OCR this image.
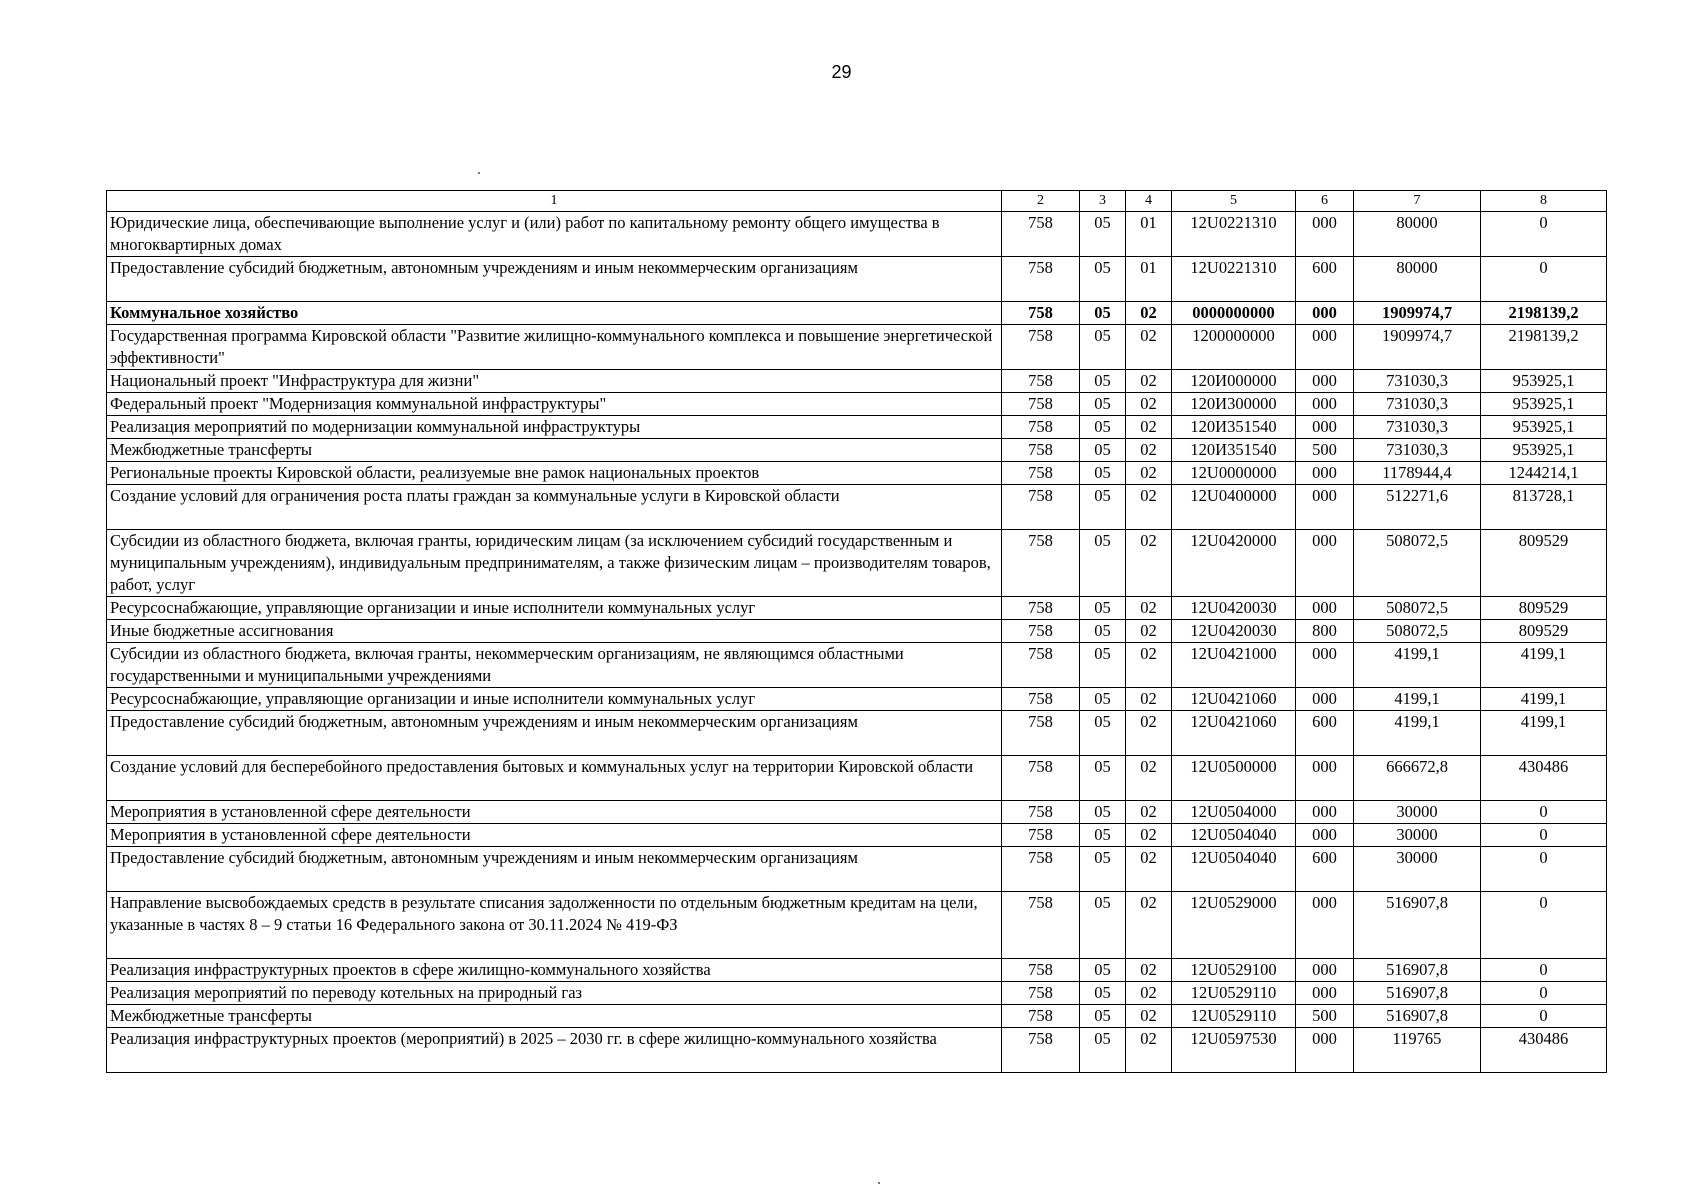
29
1	2	3	4	5	6	7	8
Юридические лица, обеспечивающие выполнение услуг и (или) работ по капитальному ремонту общего имущества в многоквартирных домах	758	05	01	12U0221310	000	80000	0
Предоставление субсидий бюджетным, автономным учреждениям и иным некоммерческим организациям	758	05	01	12U0221310	600	80000	0
Коммунальное хозяйство	758	05	02	0000000000	000	1909974,7	2198139,2
Государственная программа Кировской области "Развитие жилищно-коммунального комплекса и повышение энергетической эффективности"	758	05	02	1200000000	000	1909974,7	2198139,2
Национальный проект "Инфраструктура для жизни"	758	05	02	120И000000	000	731030,3	953925,1
Федеральный проект "Модернизация коммунальной инфраструктуры"	758	05	02	120И300000	000	731030,3	953925,1
Реализация мероприятий по модернизации коммунальной инфраструктуры	758	05	02	120И351540	000	731030,3	953925,1
Межбюджетные трансферты	758	05	02	120И351540	500	731030,3	953925,1
Региональные проекты Кировской области, реализуемые вне рамок национальных проектов	758	05	02	12U0000000	000	1178944,4	1244214,1
Создание условий для ограничения роста платы граждан за коммунальные услуги в Кировской области	758	05	02	12U0400000	000	512271,6	813728,1
Субсидии из областного бюджета, включая гранты, юридическим лицам (за исключением субсидий государственным и муниципальным учреждениям), индивидуальным предпринимателям, а также физическим лицам – производителям товаров, работ, услуг	758	05	02	12U0420000	000	508072,5	809529
Ресурсоснабжающие, управляющие организации и иные исполнители коммунальных услуг	758	05	02	12U0420030	000	508072,5	809529
Иные бюджетные ассигнования	758	05	02	12U0420030	800	508072,5	809529
Субсидии из областного бюджета, включая гранты, некоммерческим организациям, не являющимся областными государственными и муниципальными учреждениями	758	05	02	12U0421000	000	4199,1	4199,1
Ресурсоснабжающие, управляющие организации и иные исполнители коммунальных услуг	758	05	02	12U0421060	000	4199,1	4199,1
Предоставление субсидий бюджетным, автономным учреждениям и иным некоммерческим организациям	758	05	02	12U0421060	600	4199,1	4199,1
Создание условий для бесперебойного предоставления бытовых и коммунальных услуг на территории Кировской области	758	05	02	12U0500000	000	666672,8	430486
Мероприятия в установленной сфере деятельности	758	05	02	12U0504000	000	30000	0
Мероприятия в установленной сфере деятельности	758	05	02	12U0504040	000	30000	0
Предоставление субсидий бюджетным, автономным учреждениям и иным некоммерческим организациям	758	05	02	12U0504040	600	30000	0
Направление высвобождаемых средств в результате списания задолженности по отдельным бюджетным кредитам на цели, указанные в частях 8 – 9 статьи 16 Федерального закона от 30.11.2024 № 419-ФЗ	758	05	02	12U0529000	000	516907,8	0
Реализация инфраструктурных проектов в сфере жилищно-коммунального хозяйства	758	05	02	12U0529100	000	516907,8	0
Реализация мероприятий по переводу котельных на природный газ	758	05	02	12U0529110	000	516907,8	0
Межбюджетные трансферты	758	05	02	12U0529110	500	516907,8	0
Реализация инфраструктурных проектов (мероприятий) в 2025 – 2030 гг. в сфере жилищно-коммунального хозяйства	758	05	02	12U0597530	000	119765	430486
